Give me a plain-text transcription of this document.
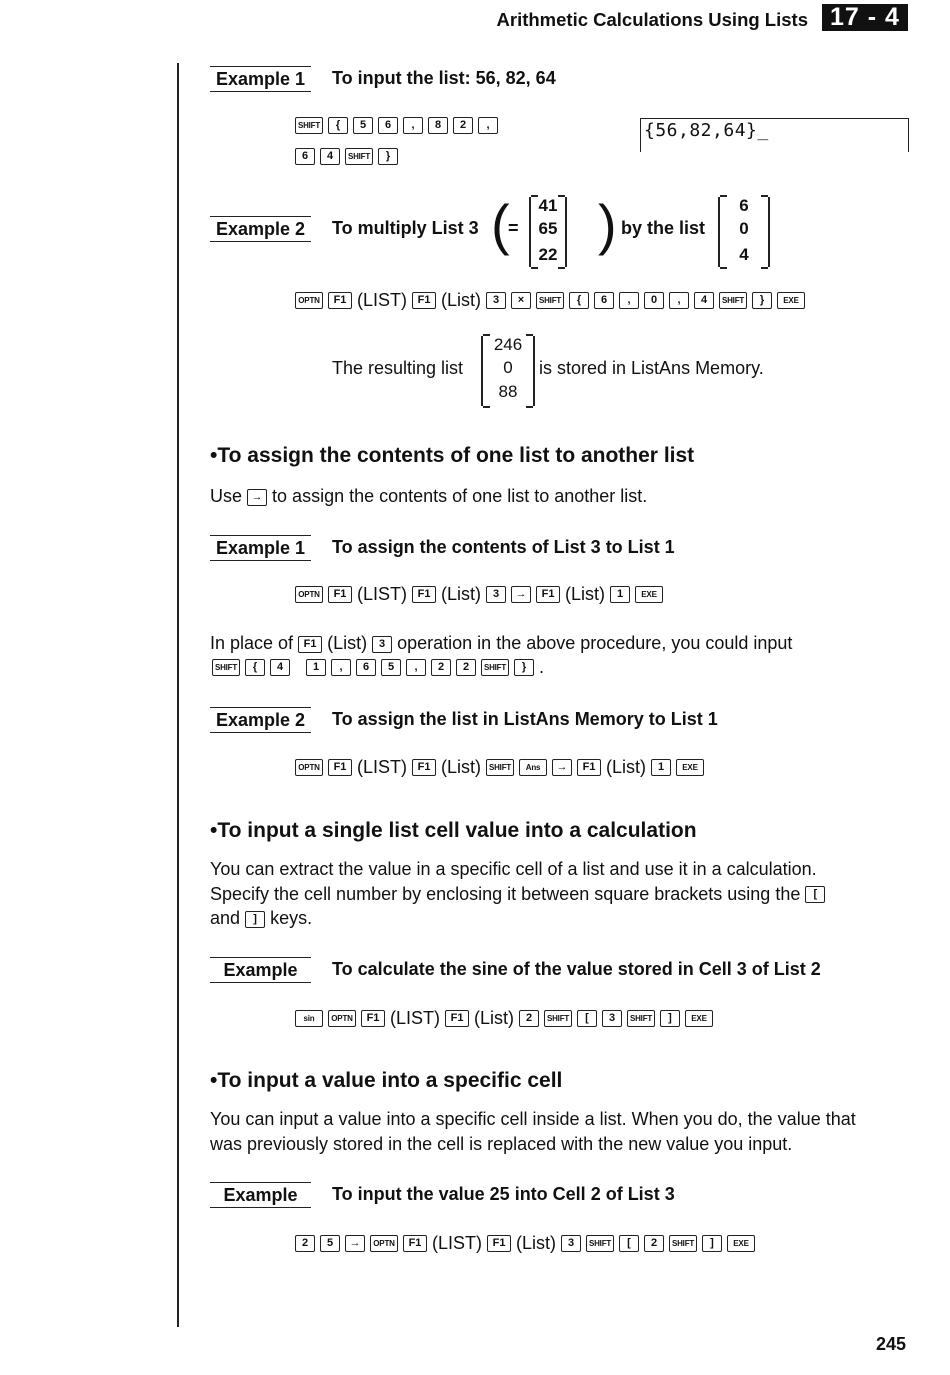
Arithmetic Calculations Using Lists 17 - 4
Example 1	To input the list: 56, 82, 64
SHIFT	{	5	6	,	8	2	,
6	4	SHIFT	}
{56,82,64}_
Example 2	To multiply List 3 (
=
41
65
22 ) by the list
6
0
4
OPTN	F1 (LIST) F1 (List)	3	×	SHIFT	{	6	,	0	,	4	SHIFT	}	EXE
The resulting list
246
0
88
is stored in ListAns Memory.
•To assign the contents of one list to another list
Use → to assign the contents of one list to another list.
Example 1	To assign the contents of List 3 to List 1
OPTN	F1 (LIST) F1 (List)	3	→	F1 (List)	1	EXE
In place of F1 (List) 3 operation in the above procedure, you could input
SHIFT	{	4	1	,	6	5	,	2	2	SHIFT	} .
Example 2	To assign the list in ListAns Memory to List 1
OPTN	F1 (LIST) F1 (List) SHIFT	Ans	→	F1 (List)	1	EXE
•To input a single list cell value into a calculation
You can extract the value in a specific cell of a list and use it in a calculation.
Specify the cell number by enclosing it between square brackets using the [
and ] keys.
Example	To calculate the sine of the value stored in Cell 3 of List 2
sin	OPTN	F1 (LIST) F1 (List)	2	SHIFT	[	3	SHIFT	]	EXE
•To input a value into a specific cell
You can input a value into a specific cell inside a list. When you do, the value that
was previously stored in the cell is replaced with the new value you input.
Example	To input the value 25 into Cell 2 of List 3
2	5	→	OPTN	F1 (LIST) F1 (List)	3	SHIFT	[	2	SHIFT	]	EXE
245
